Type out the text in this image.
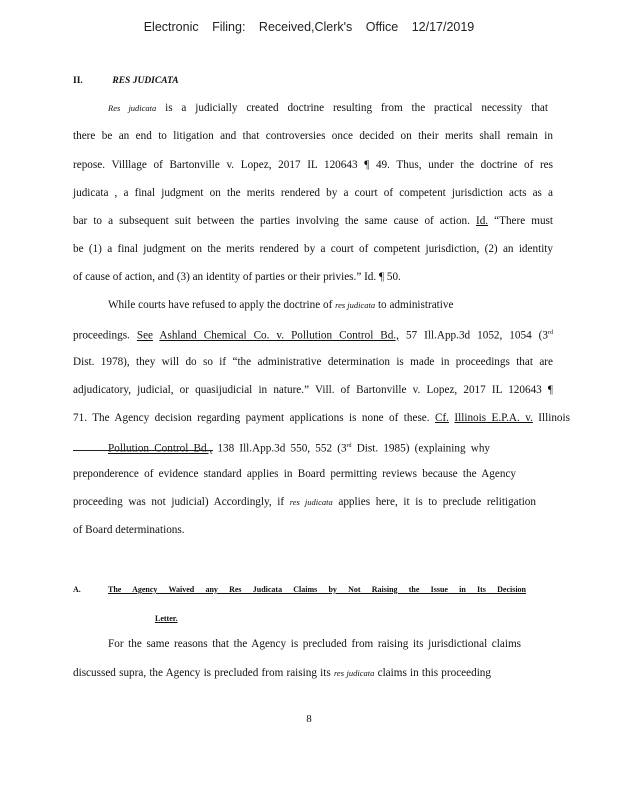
Electronic Filing: Received,Clerk's Office 12/17/2019
II.	RES JUDICATA
Res judicata is a judicially created doctrine resulting from the practical necessity that
there be an end to litigation and that controversies once decided on their merits shall remain in
repose. Villlage of Bartonville v. Lopez, 2017 IL 120643 ¶ 49. Thus, under the doctrine of res
judicata , a final judgment on the merits rendered by a court of competent jurisdiction acts as a
bar to a subsequent suit between the parties involving the same cause of action. Id. “There must
be (1) a final judgment on the merits rendered by a court of competent jurisdiction, (2) an identity
of cause of action, and (3) an identity of parties or their privies.” Id. ¶ 50.
While courts have refused to apply the doctrine of res judicata to administrative
proceedings. See Ashland Chemical Co. v. Pollution Control Bd., 57 Ill.App.3d 1052, 1054 (3rd
Dist. 1978), they will do so if “the administrative determination is made in proceedings that are
adjudicatory, judicial, or quasijudicial in nature.” Vill. of Bartonville v. Lopez, 2017 IL 120643 ¶
71. The Agency decision regarding payment applications is none of these. Cf. Illinois E.P.A. v. Illinois
Pollution Control Bd., 138 Ill.App.3d 550, 552 (3rd Dist. 1985) (explaining why
preponderence of evidence standard applies in Board permitting reviews because the Agency
proceeding was not judicial) Accordingly, if res judicata applies here, it is to preclude relitigation
of Board determinations.
A.	The Agency Waived any Res Judicata Claims by Not Raising the Issue in Its Decision
Letter.
For the same reasons that the Agency is precluded from raising its jurisdictional claims
discussed supra, the Agency is precluded from raising its res judicata claims in this proceeding
8
